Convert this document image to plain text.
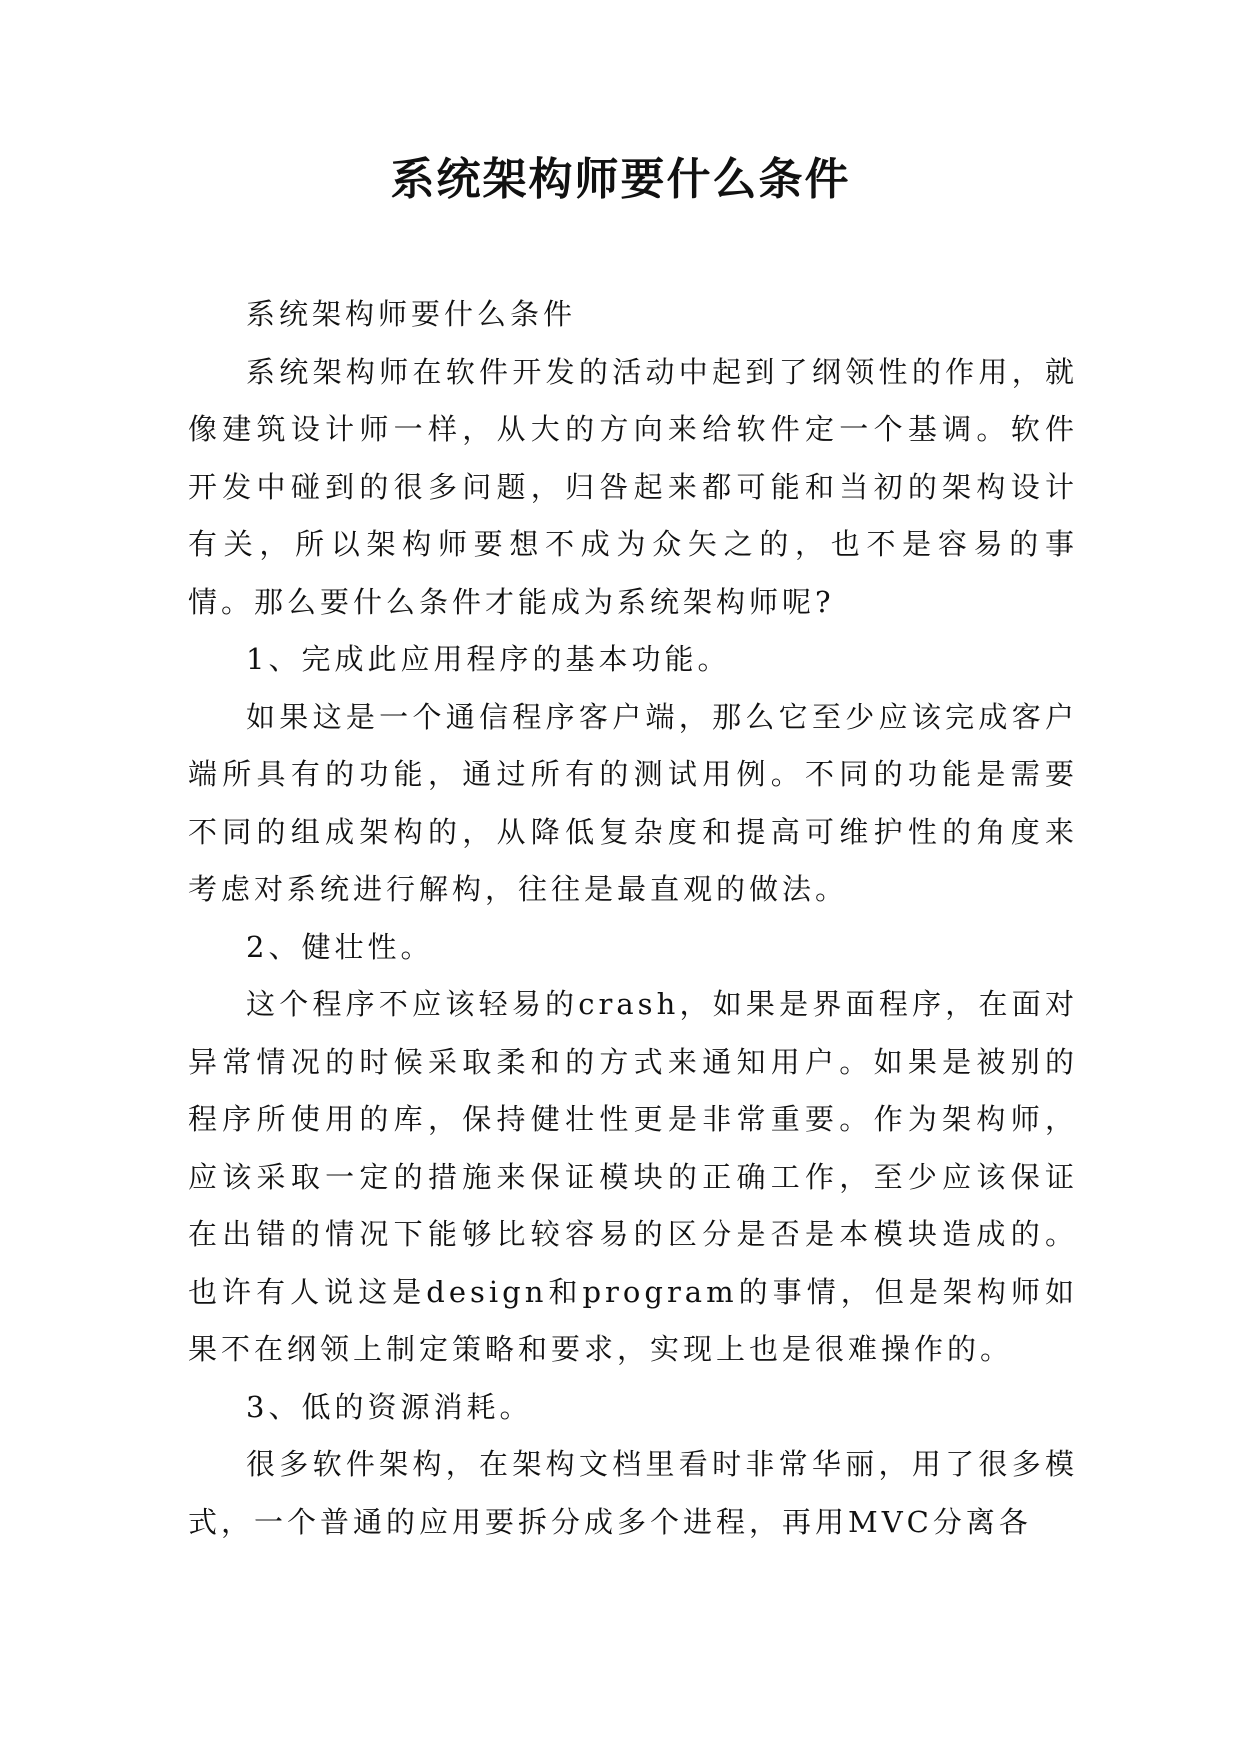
系统架构师要什么条件

系统架构师要什么条件

系统架构师在软件开发的活动中起到了纲领性的作用，就像建筑设计师一样，从大的方向来给软件定一个基调。软件开发中碰到的很多问题，归咎起来都可能和当初的架构设计有关，所以架构师要想不成为众矢之的，也不是容易的事情。那么要什么条件才能成为系统架构师呢?

1、完成此应用程序的基本功能。

如果这是一个通信程序客户端，那么它至少应该完成客户端所具有的功能，通过所有的测试用例。不同的功能是需要不同的组成架构的，从降低复杂度和提高可维护性的角度来考虑对系统进行解构，往往是最直观的做法。

2、健壮性。

这个程序不应该轻易的crash，如果是界面程序，在面对异常情况的时候采取柔和的方式来通知用户。如果是被别的程序所使用的库，保持健壮性更是非常重要。作为架构师，应该采取一定的措施来保证模块的正确工作，至少应该保证在出错的情况下能够比较容易的区分是否是本模块造成的。也许有人说这是design和program的事情，但是架构师如果不在纲领上制定策略和要求，实现上也是很难操作的。

3、低的资源消耗。

很多软件架构，在架构文档里看时非常华丽，用了很多模式，一个普通的应用要拆分成多个进程，再用MVC分离各
